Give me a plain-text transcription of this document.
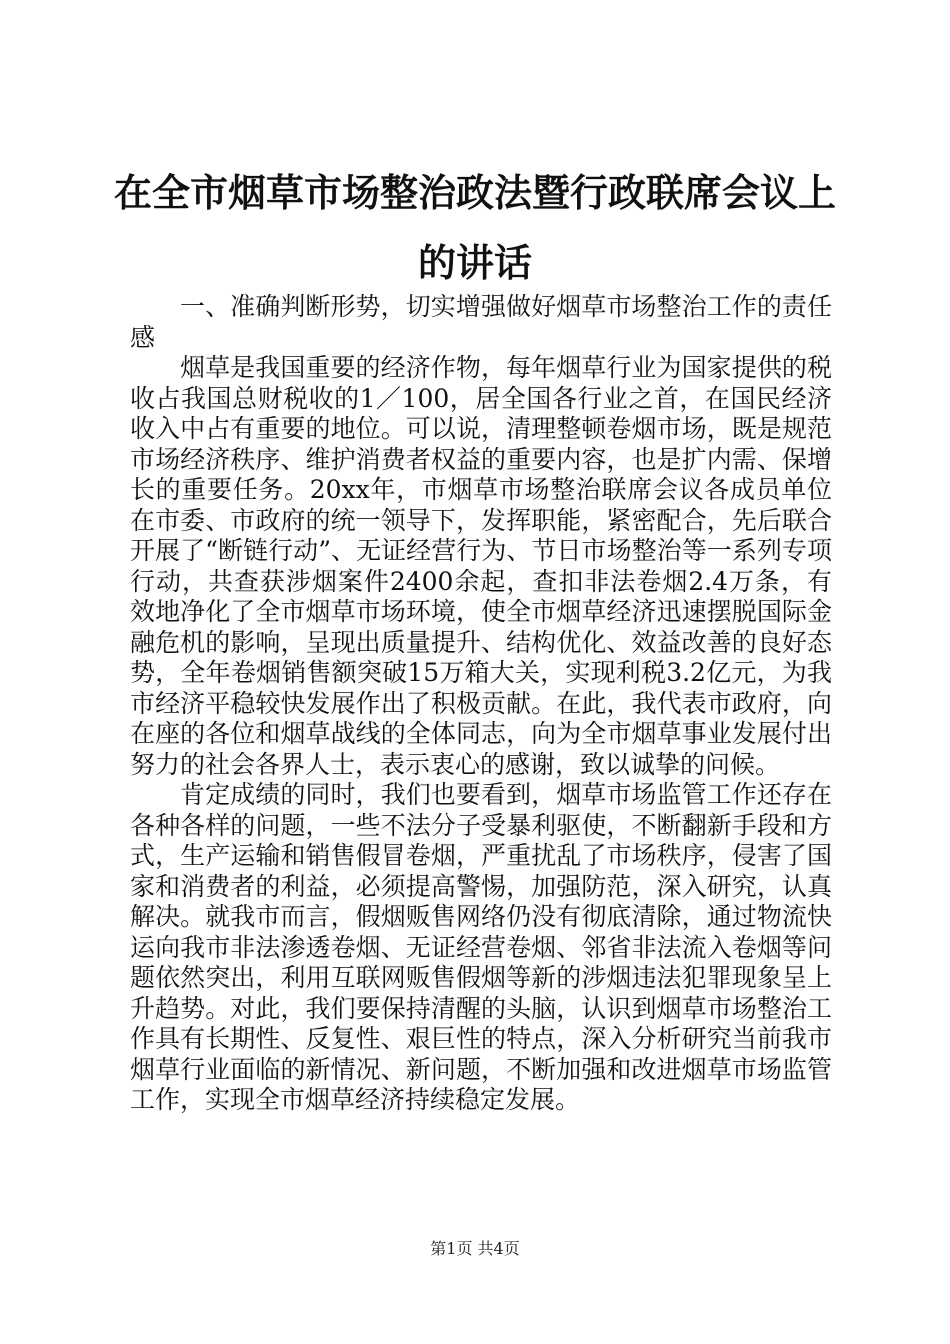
在全市烟草市场整治政法暨行政联席会议上的讲话

一、准确判断形势，切实增强做好烟草市场整治工作的责任感

烟草是我国重要的经济作物，每年烟草行业为国家提供的税收占我国总财税收的1／100，居全国各行业之首，在国民经济收入中占有重要的地位。可以说，清理整顿卷烟市场，既是规范市场经济秩序、维护消费者权益的重要内容，也是扩内需、保增长的重要任务。20xx年，市烟草市场整治联席会议各成员单位在市委、市政府的统一领导下，发挥职能，紧密配合，先后联合开展了“断链行动”、无证经营行为、节日市场整治等一系列专项行动，共查获涉烟案件2400余起，查扣非法卷烟2.4万条，有效地净化了全市烟草市场环境，使全市烟草经济迅速摆脱国际金融危机的影响，呈现出质量提升、结构优化、效益改善的良好态势，全年卷烟销售额突破15万箱大关，实现利税3.2亿元，为我市经济平稳较快发展作出了积极贡献。在此，我代表市政府，向在座的各位和烟草战线的全体同志，向为全市烟草事业发展付出努力的社会各界人士，表示衷心的感谢，致以诚挚的问候。

肯定成绩的同时，我们也要看到，烟草市场监管工作还存在各种各样的问题，一些不法分子受暴利驱使，不断翻新手段和方式，生产运输和销售假冒卷烟，严重扰乱了市场秩序，侵害了国家和消费者的利益，必须提高警惕，加强防范，深入研究，认真解决。就我市而言，假烟贩售网络仍没有彻底清除，通过物流快运向我市非法渗透卷烟、无证经营卷烟、邻省非法流入卷烟等问题依然突出，利用互联网贩售假烟等新的涉烟违法犯罪现象呈上升趋势。对此，我们要保持清醒的头脑，认识到烟草市场整治工作具有长期性、反复性、艰巨性的特点，深入分析研究当前我市烟草行业面临的新情况、新问题，不断加强和改进烟草市场监管工作，实现全市烟草经济持续稳定发展。

第1页 共4页
